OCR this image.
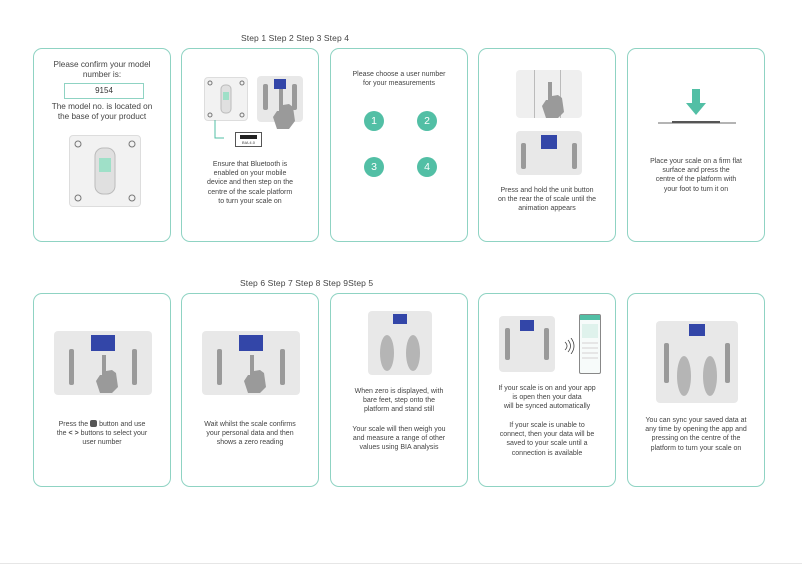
Step 1 Step 2 Step 3 Step 4
Step 6 Step 7 Step 8 Step 9Step 5
Please confirm your model
number is:
9154
The model no. is located on
the base of your product
BIA 4.0
Ensure that Bluetooth is
enabled on your mobile
device and then step on the
centre of the scale platform
to turn your scale on
Please choose a user number
for your measurements
1	2
3	4
Press and hold the unit button
on the rear the of scale until the
animation appears
Place your scale on a firm flat
surface and press the
centre of the platform with
your foot to turn it on
Press the button and use
the < > buttons to select your
user number
Wait whilst the scale confirms
your personal data and then
shows a zero reading
When zero is displayed, with
bare feet, step onto the
platform and stand still
Your scale will then weigh you
and measure a range of other
values using BIA analysis
If your scale is on and your app
is open then your data
will be synced automatically
If your scale is unable to
connect, then your data will be
saved to your scale until a
connection is available
You can sync your saved data at
any time by opening the app and
pressing on the centre of the
platform to turn your scale on
